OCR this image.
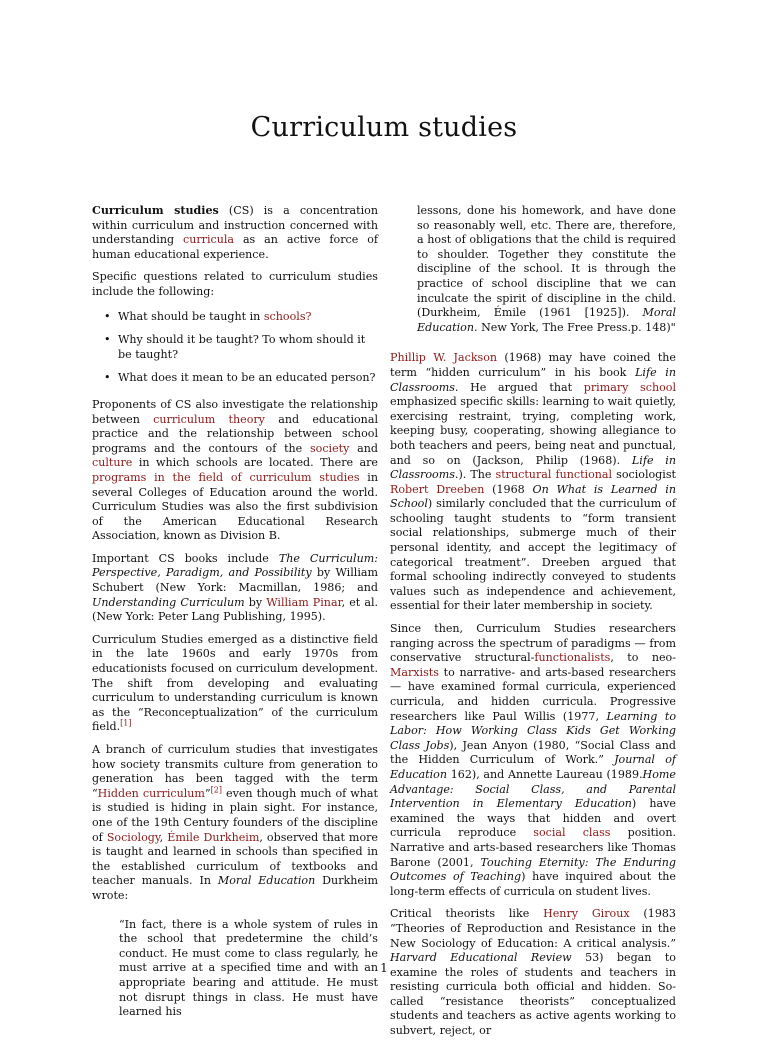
Curriculum studies

Curriculum studies (CS) is a concentration within curriculum and instruction concerned with understanding curricula as an active force of human educational experience.

Specific questions related to curriculum studies include the following:

• What should be taught in schools?
• Why should it be taught? To whom should it be taught?
• What does it mean to be an educated person?

Proponents of CS also investigate the relationship between curriculum theory and educational practice and the relationship between school programs and the contours of the society and culture in which schools are located. There are programs in the field of curriculum studies in several Colleges of Education around the world. Curriculum Studies was also the first subdivision of the American Educational Research Association, known as Division B.

Important CS books include The Curriculum: Perspective, Paradigm, and Possibility by William Schubert (New York: Macmillan, 1986; and Understanding Curriculum by William Pinar, et al. (New York: Peter Lang Publishing, 1995).

Curriculum Studies emerged as a distinctive field in the late 1960s and early 1970s from educationists focused on curriculum development. The shift from developing and evaluating curriculum to understanding curriculum is known as the “Reconceptualization” of the curriculum field.[1]

A branch of curriculum studies that investigates how society transmits culture from generation to generation has been tagged with the term “Hidden curriculum”[2] even though much of what is studied is hiding in plain sight. For instance, one of the 19th Century founders of the discipline of Sociology, Émile Durkheim, observed that more is taught and learned in schools than specified in the established curriculum of textbooks and teacher manuals. In Moral Education Durkheim wrote:

“In fact, there is a whole system of rules in the school that predetermine the child’s conduct. He must come to class regularly, he must arrive at a specified time and with an appropriate bearing and attitude. He must not disrupt things in class. He must have learned his
lessons, done his homework, and have done so reasonably well, etc. There are, therefore, a host of obligations that the child is required to shoulder. Together they constitute the discipline of the school. It is through the practice of school discipline that we can inculcate the spirit of discipline in the child. (Durkheim, Émile (1961 [1925]). Moral Education. New York, The Free Press.p. 148)"

Phillip W. Jackson (1968) may have coined the term “hidden curriculum” in his book Life in Classrooms. He argued that primary school emphasized specific skills: learning to wait quietly, exercising restraint, trying, completing work, keeping busy, cooperating, showing allegiance to both teachers and peers, being neat and punctual, and so on (Jackson, Philip (1968). Life in Classrooms.). The structural functional sociologist Robert Dreeben (1968 On What is Learned in School) similarly concluded that the curriculum of schooling taught students to “form transient social relationships, submerge much of their personal identity, and accept the legitimacy of categorical treatment”. Dreeben argued that formal schooling indirectly conveyed to students values such as independence and achievement, essential for their later membership in society.

Since then, Curriculum Studies researchers ranging across the spectrum of paradigms — from conservative structural-functionalists, to neo-Marxists to narrative- and arts-based researchers — have examined formal curricula, experienced curricula, and hidden curricula. Progressive researchers like Paul Willis (1977, Learning to Labor: How Working Class Kids Get Working Class Jobs), Jean Anyon (1980, “Social Class and the Hidden Curriculum of Work.” Journal of Education 162), and Annette Laureau (1989.Home Advantage: Social Class, and Parental Intervention in Elementary Education) have examined the ways that hidden and overt curricula reproduce social class position. Narrative and arts-based researchers like Thomas Barone (2001, Touching Eternity: The Enduring Outcomes of Teaching) have inquired about the long-term effects of curricula on student lives.

Critical theorists like Henry Giroux (1983 “Theories of Reproduction and Resistance in the New Sociology of Education: A critical analysis.” Harvard Educational Review 53) began to examine the roles of students and teachers in resisting curricula both official and hidden. So-called “resistance theorists” conceptualized students and teachers as active agents working to subvert, reject, or

1
